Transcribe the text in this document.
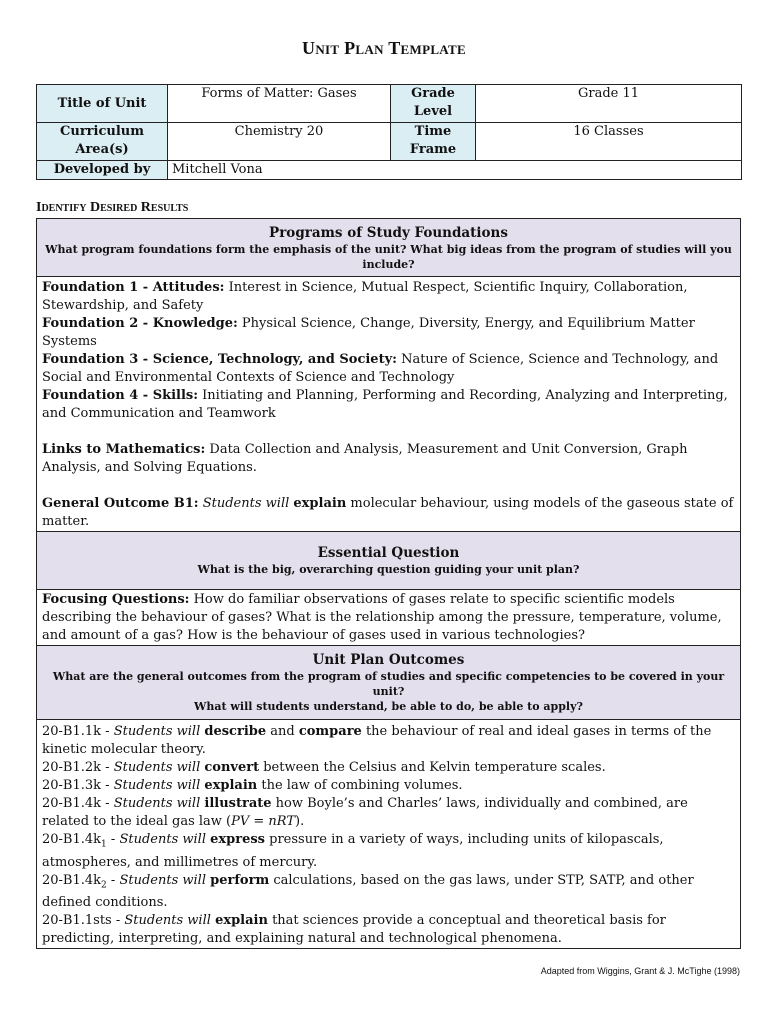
Unit Plan Template
Title of Unit	Forms of Matter: Gases	Grade Level	Grade 11
Curriculum Area(s)	Chemistry 20	Time Frame	16 Classes
Developed by	Mitchell Vona		
Identify Desired Results
Programs of Study Foundations
What program foundations form the emphasis of the unit? What big ideas from the program of studies will you include?

Foundation 1 - Attitudes: Interest in Science, Mutual Respect, Scientific Inquiry, Collaboration, Stewardship, and Safety

Foundation 2 - Knowledge: Physical Science, Change, Diversity, Energy, and Equilibrium Matter Systems

Foundation 3 - Science, Technology, and Society: Nature of Science, Science and Technology, and Social and Environmental Contexts of Science and Technology

Foundation 4 - Skills: Initiating and Planning, Performing and Recording, Analyzing and Interpreting, and Communication and Teamwork

Links to Mathematics: Data Collection and Analysis, Measurement and Unit Conversion, Graph Analysis, and Solving Equations.

General Outcome B1: Students will explain molecular behaviour, using models of the gaseous state of matter.

Essential Question
What is the big, overarching question guiding your unit plan?

Focusing Questions: How do familiar observations of gases relate to specific scientific models describing the behaviour of gases? What is the relationship among the pressure, temperature, volume, and amount of a gas? How is the behaviour of gases used in various technologies?

Unit Plan Outcomes
What are the general outcomes from the program of studies and specific competencies to be covered in your unit?
What will students understand, be able to do, be able to apply?

20-B1.1k - Students will describe and compare the behaviour of real and ideal gases in terms of the kinetic molecular theory.

20-B1.2k - Students will convert between the Celsius and Kelvin temperature scales.

20-B1.3k - Students will explain the law of combining volumes.

20-B1.4k - Students will illustrate how Boyle’s and Charles’ laws, individually and combined, are related to the ideal gas law (PV = nRT).

$20-B1.4k_1$ - Students will express pressure in a variety of ways, including units of kilopascals, atmospheres, and millimetres of mercury.

$20-B1.4k_2$ - Students will perform calculations, based on the gas laws, under STP, SATP, and other defined conditions.

20-B1.1sts - Students will explain that sciences provide a conceptual and theoretical basis for predicting, interpreting, and explaining natural and technological phenomena.

Adapted from Wiggins, Grant & J. McTighe (1998)
